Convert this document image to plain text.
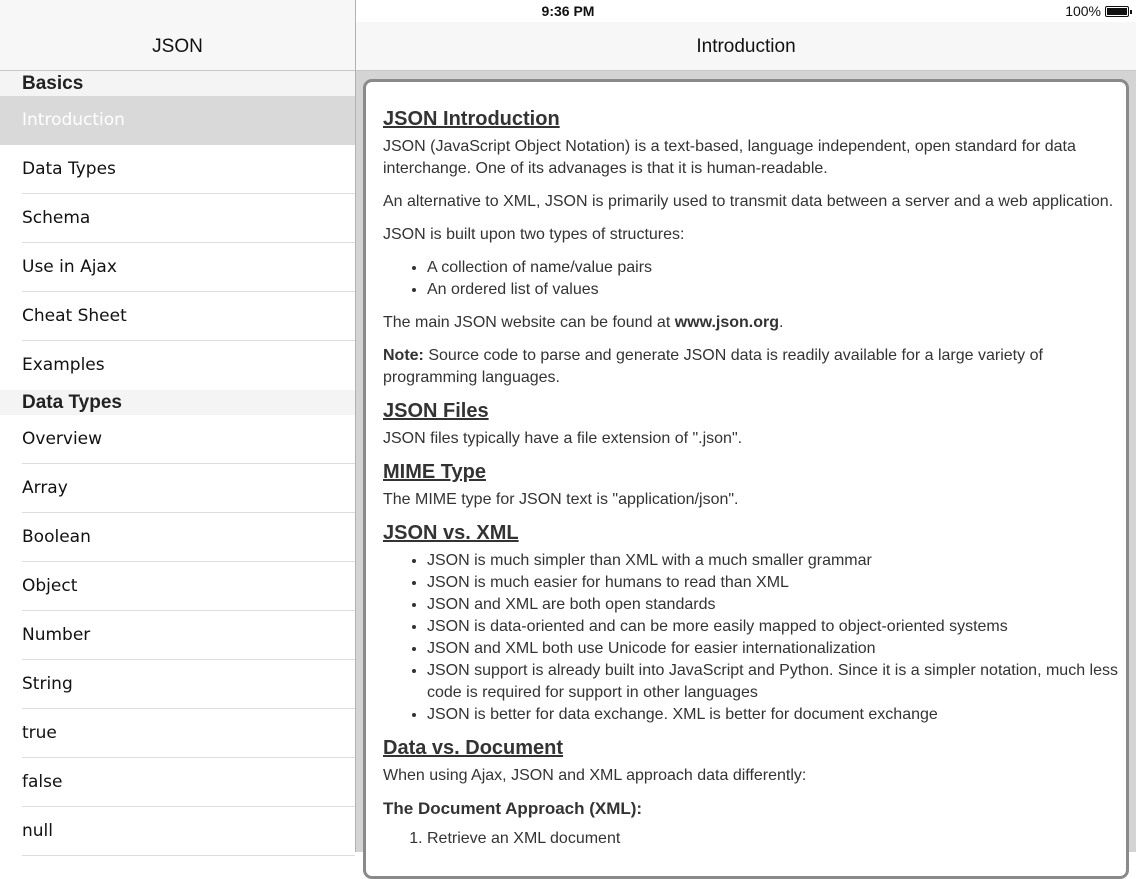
9:36 PM	100%
JSON
Basics
Introduction
Data Types
Schema
Use in Ajax
Cheat Sheet
Examples
Data Types
Overview
Array
Boolean
Object
Number
String
true
false
null
Introduction
JSON Introduction

JSON (JavaScript Object Notation) is a text-based, language independent, open standard for data interchange. One of its advanages is that it is human-readable.

An alternative to XML, JSON is primarily used to transmit data between a server and a web application.

JSON is built upon two types of structures:

• A collection of name/value pairs
• An ordered list of values

The main JSON website can be found at www.json.org.

Note: Source code to parse and generate JSON data is readily available for a large variety of programming languages.

JSON Files

JSON files typically have a file extension of ".json".

MIME Type

The MIME type for JSON text is "application/json".

JSON vs. XML
• JSON is much simpler than XML with a much smaller grammar
• JSON is much easier for humans to read than XML
• JSON and XML are both open standards
• JSON is data-oriented and can be more easily mapped to object-oriented systems
• JSON and XML both use Unicode for easier internationalization
• JSON support is already built into JavaScript and Python. Since it is a simpler notation, much less code is required for support in other languages
• JSON is better for data exchange. XML is better for document exchange
Data vs. Document

When using Ajax, JSON and XML approach data differently:

The Document Approach (XML):
1. Retrieve an XML document
